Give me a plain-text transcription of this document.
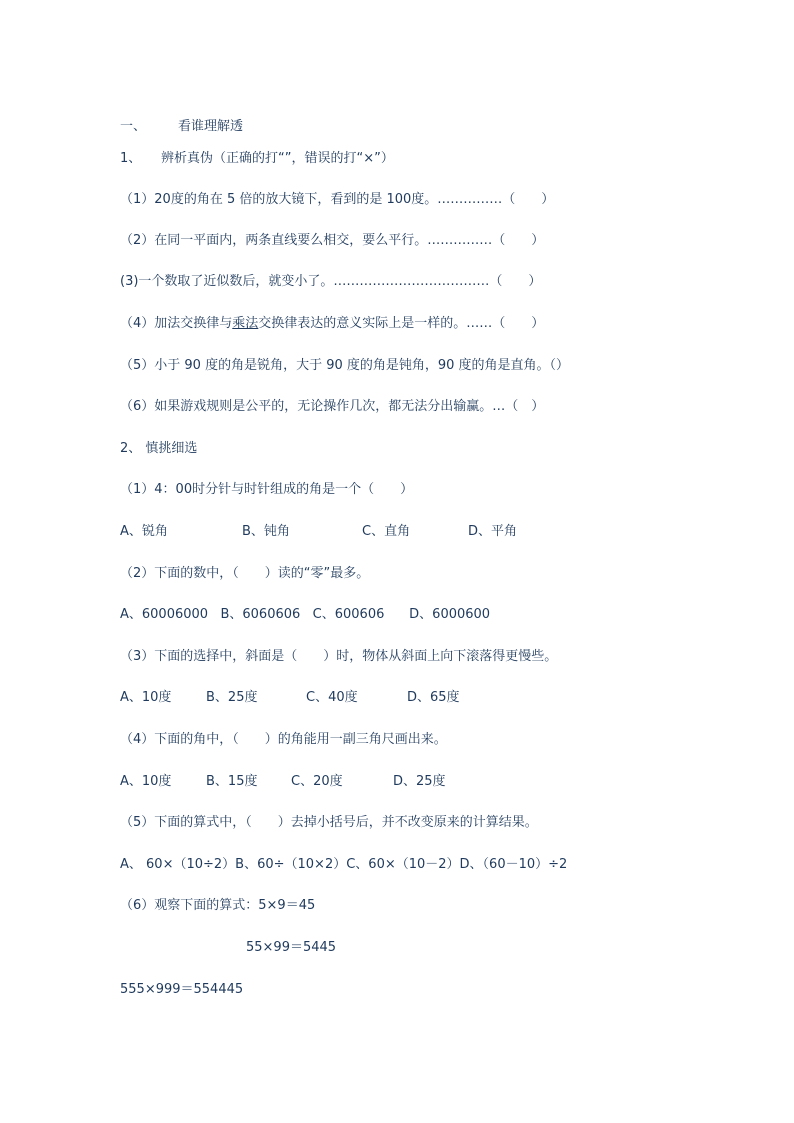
一、 看谁理解透
1、 辨析真伪（正确的打“”，错误的打“×”）
（1）20度的角在 5 倍的放大镜下，看到的是 100度。……………（　　）
（2）在同一平面内，两条直线要么相交，要么平行。……………（　　）
(3)一个数取了近似数后，就变小了。………………………………（　　）
（4）加法交换律与乘法交换律表达的意义实际上是一样的。……（　　）
（5）小于 90 度的角是锐角，大于 90 度的角是钝角，90 度的角是直角。（）
（6）如果游戏规则是公平的，无论操作几次，都无法分出输赢。…（　）
2、 慎挑细选
（1）4：00时分针与时针组成的角是一个（　　）
A、锐角	B、钝角	C、直角	D、平角
（2）下面的数中，（　　）读的“零”最多。
A、60006000   B、6060606   C、600606      D、6000600
（3）下面的选择中，斜面是（　　）时，物体从斜面上向下滚落得更慢些。
A、10度	B、25度	C、40度	D、65度
（4）下面的角中，（　　）的角能用一副三角尺画出来。
A、10度	B、15度	C、20度	D、25度
（5）下面的算式中，（　　）去掉小括号后，并不改变原来的计算结果。
A、 60×（10÷2）B、60÷（10×2）C、60×（10－2）D、（60－10）÷2
（6）观察下面的算式：5×9＝45
55×99＝5445
555×999＝554445
